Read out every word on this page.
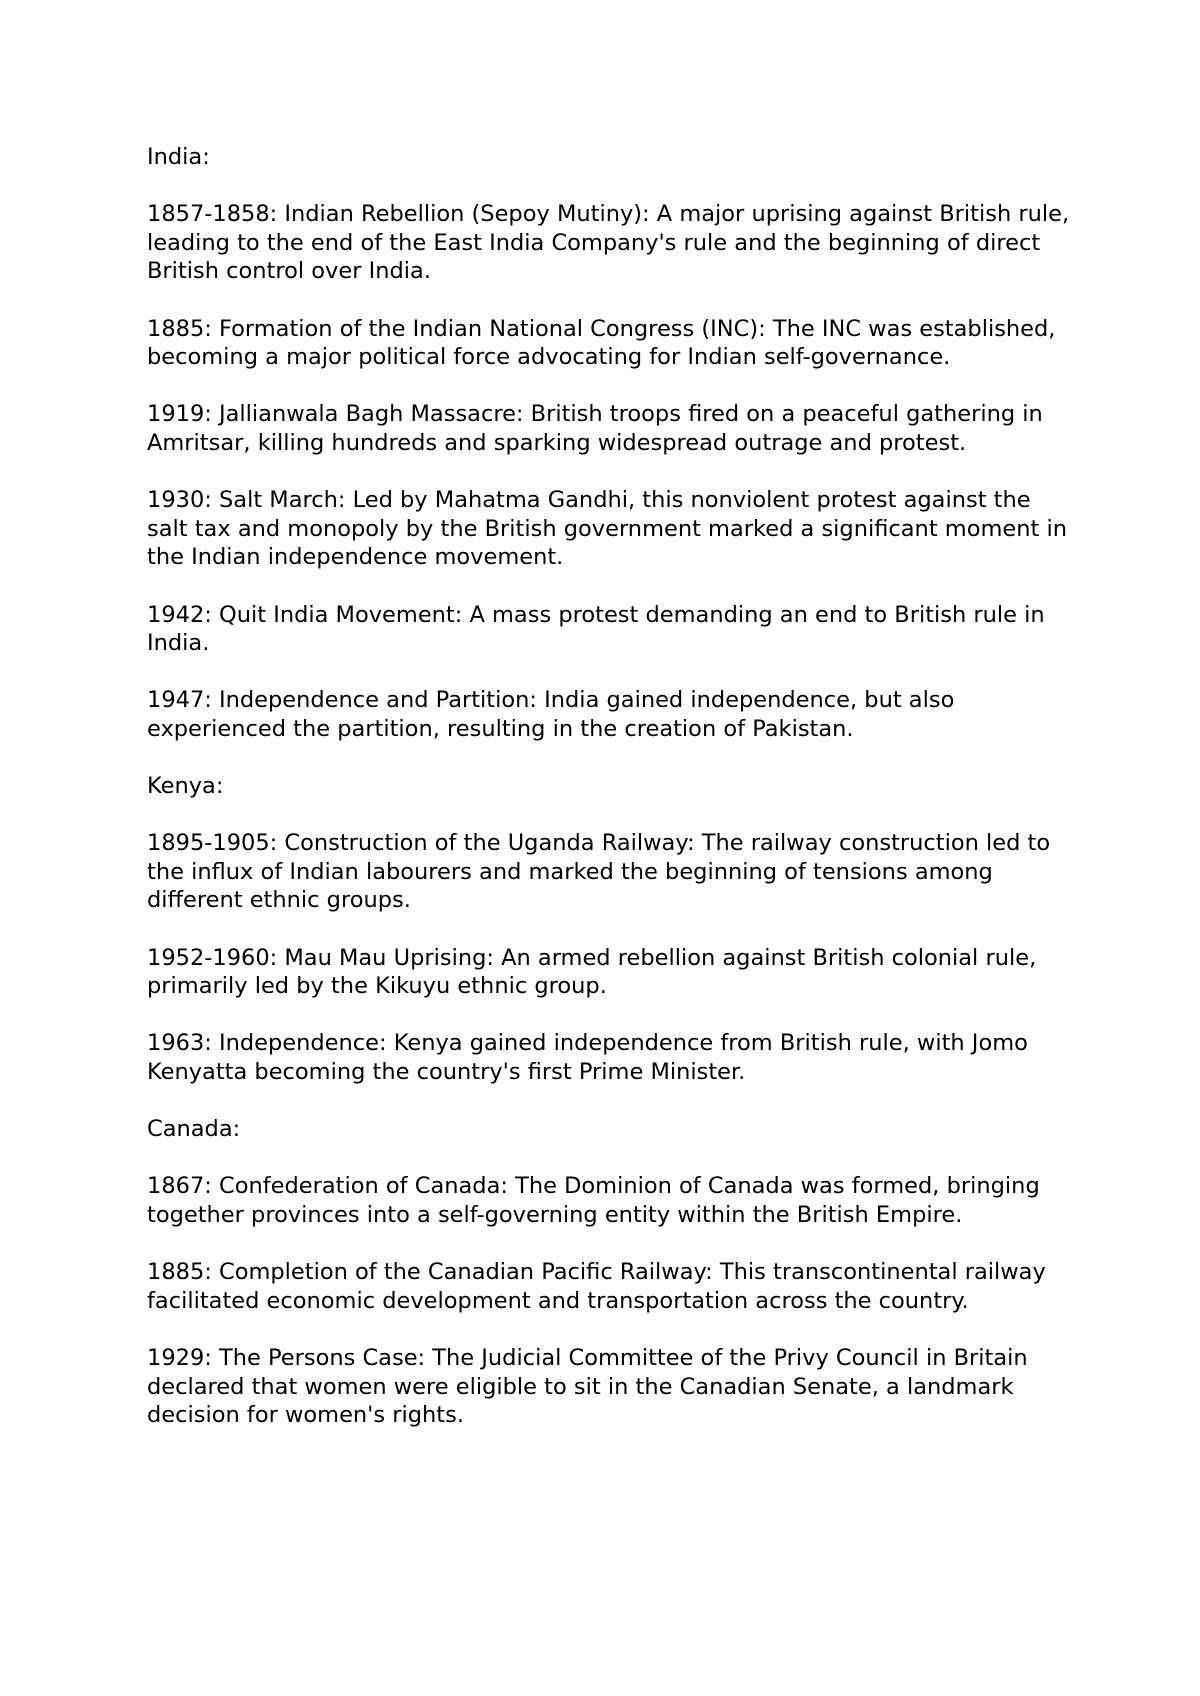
India:

1857-1858: Indian Rebellion (Sepoy Mutiny): A major uprising against British rule, leading to the end of the East India Company's rule and the beginning of direct British control over India.

1885: Formation of the Indian National Congress (INC): The INC was established, becoming a major political force advocating for Indian self-governance.

1919: Jallianwala Bagh Massacre: British troops fired on a peaceful gathering in Amritsar, killing hundreds and sparking widespread outrage and protest.

1930: Salt March: Led by Mahatma Gandhi, this nonviolent protest against the salt tax and monopoly by the British government marked a significant moment in the Indian independence movement.

1942: Quit India Movement: A mass protest demanding an end to British rule in India.

1947: Independence and Partition: India gained independence, but also experienced the partition, resulting in the creation of Pakistan.

Kenya:

1895-1905: Construction of the Uganda Railway: The railway construction led to the influx of Indian labourers and marked the beginning of tensions among different ethnic groups.

1952-1960: Mau Mau Uprising: An armed rebellion against British colonial rule, primarily led by the Kikuyu ethnic group.

1963: Independence: Kenya gained independence from British rule, with Jomo Kenyatta becoming the country's first Prime Minister.

Canada:

1867: Confederation of Canada: The Dominion of Canada was formed, bringing together provinces into a self-governing entity within the British Empire.

1885: Completion of the Canadian Pacific Railway: This transcontinental railway facilitated economic development and transportation across the country.

1929: The Persons Case: The Judicial Committee of the Privy Council in Britain declared that women were eligible to sit in the Canadian Senate, a landmark decision for women's rights.
